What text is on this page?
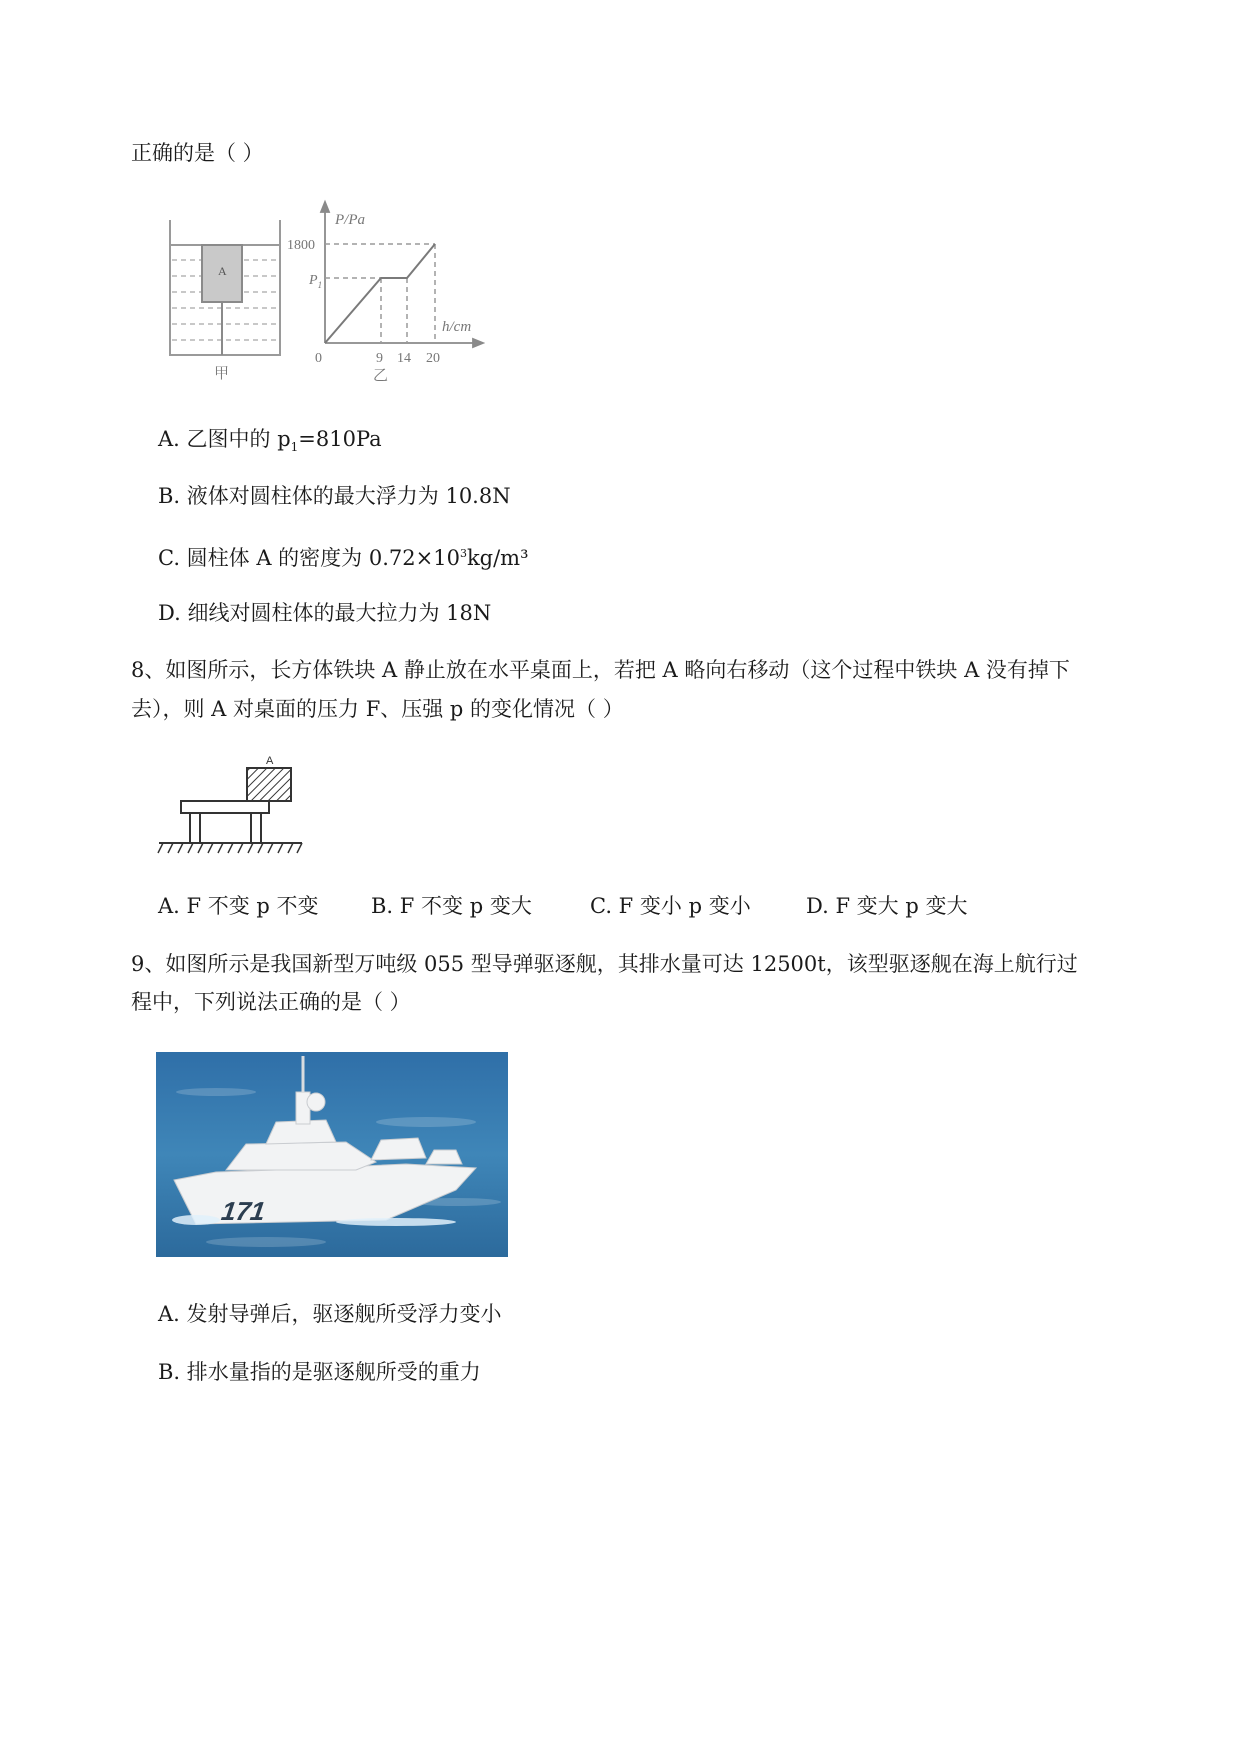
正确的是（ ）
A
甲
P/Pa
h/cm
1800
$P_1$
0	9 14 20
乙
A. 乙图中的 $p_1=810Pa$
B. 液体对圆柱体的最大浮力为 10.8N
C. 圆柱体 A 的密度为 $0.72\times 10^3kg/m^3$
D. 细线对圆柱体的最大拉力为 18N
8、如图所示，长方体铁块 A 静止放在水平桌面上，若把 A 略向右移动（这个过程中铁块 A 没有掉下
去），则 A 对桌面的压力 F、压强 p 的变化情况（ ）
A
A. F 不变 p 不变 B. F 不变 p 变大	C. F 变小 p 变小	D. F 变大 p 变大
9、如图所示是我国新型万吨级 055 型导弹驱逐舰，其排水量可达 12500t，该型驱逐舰在海上航行过
程中，下列说法正确的是（ ）
171
A. 发射导弹后，驱逐舰所受浮力变小
B. 排水量指的是驱逐舰所受的重力
